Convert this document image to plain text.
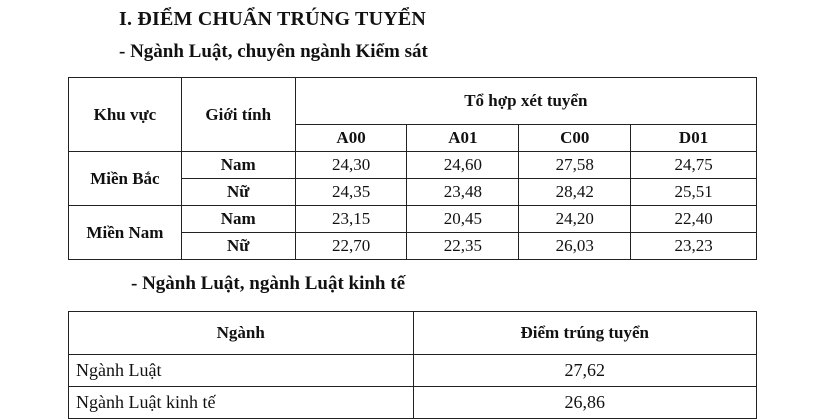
I. ĐIỂM CHUẨN TRÚNG TUYỂN
- Ngành Luật, chuyên ngành Kiểm sát
Khu vực	Giới tính	Tổ hợp xét tuyển			
		A00	A01	C00	D01
Miền Bắc	Nam	24,30	24,60	27,58	24,75
	Nữ	24,35	23,48	28,42	25,51
Miền Nam	Nam	23,15	20,45	24,20	22,40
	Nữ	22,70	22,35	26,03	23,23
- Ngành Luật, ngành Luật kinh tế
Ngành	Điểm trúng tuyển
Ngành Luật	27,62
Ngành Luật kinh tế	26,86
